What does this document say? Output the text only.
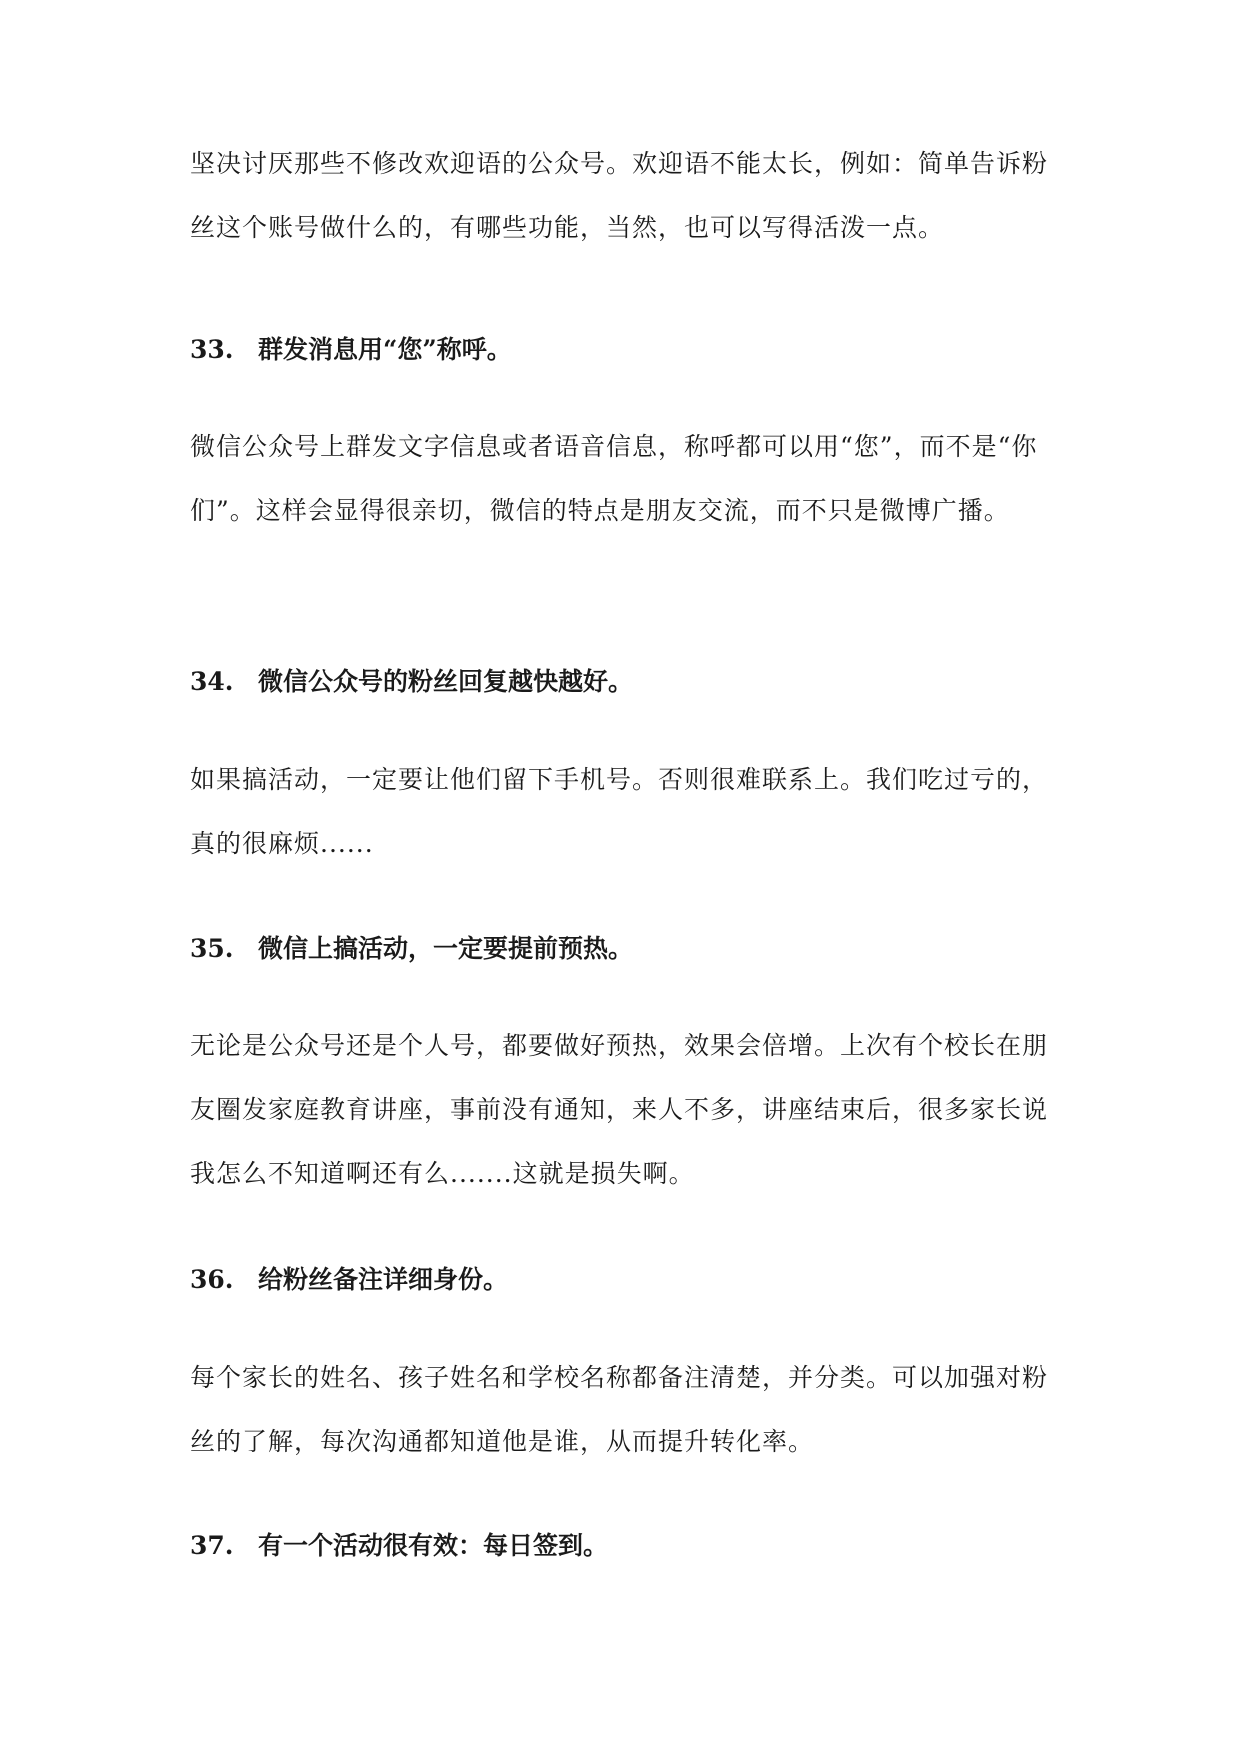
坚决讨厌那些不修改欢迎语的公众号。欢迎语不能太长，例如：简单告诉粉丝这个账号做什么的，有哪些功能，当然，也可以写得活泼一点。
33. 群发消息用“您”称呼。
微信公众号上群发文字信息或者语音信息，称呼都可以用“您”，而不是“你们”。这样会显得很亲切，微信的特点是朋友交流，而不只是微博广播。
34. 微信公众号的粉丝回复越快越好。
如果搞活动，一定要让他们留下手机号。否则很难联系上。我们吃过亏的，真的很麻烦......
35. 微信上搞活动，一定要提前预热。
无论是公众号还是个人号，都要做好预热，效果会倍增。上次有个校长在朋友圈发家庭教育讲座，事前没有通知，来人不多，讲座结束后，很多家长说我怎么不知道啊还有么.......这就是损失啊。
36. 给粉丝备注详细身份。
每个家长的姓名、孩子姓名和学校名称都备注清楚，并分类。可以加强对粉丝的了解，每次沟通都知道他是谁，从而提升转化率。
37. 有一个活动很有效：每日签到。
